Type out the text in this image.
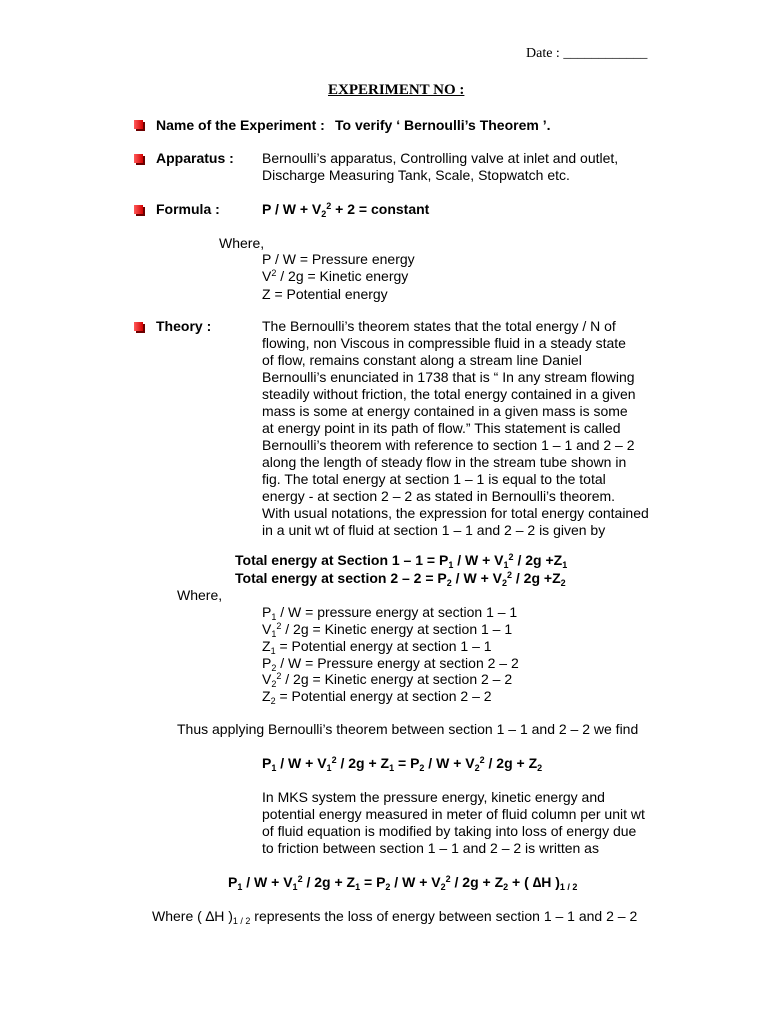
Date : ____________
EXPERIMENT NO :
Name of the Experiment : To verify ‘ Bernoulli’s Theorem ’.
Apparatus : Bernoulli’s apparatus, Controlling valve at inlet and outlet,
Discharge Measuring Tank, Scale, Stopwatch etc.
Formula :	$P / W + V_2^2 + 2$ = constant
Where,
P / W = Pressure energy
$V^2 / 2g$ = Kinetic energy
Z = Potential energy
Theory :	The Bernoulli’s theorem states that the total energy / N of
flowing, non Viscous in compressible fluid in a steady state
of flow, remains constant along a stream line Daniel
Bernoulli’s enunciated in 1738 that is “ In any stream flowing
steadily without friction, the total energy contained in a given
mass is some at energy contained in a given mass is some
at energy point in its path of flow.” This statement is called
Bernoulli’s theorem with reference to section 1 – 1 and 2 – 2
along the length of steady flow in the stream tube shown in
fig. The total energy at section 1 – 1 is equal to the total
energy - at section 2 – 2 as stated in Bernoulli’s theorem.
With usual notations, the expression for total energy contained
in a unit wt of fluid at section 1 – 1 and 2 – 2 is given by
Total energy at Section $1 - 1 = P_1 / W + V_1^2 / 2g +Z_1$
Total energy at section $2 - 2 = P_2 / W + V_2^2 / 2g +Z_2$
Where,
$P_1$ / W = pressure energy at section 1 – 1
$V_1^2 / 2g$ = Kinetic energy at section 1 – 1
$Z_1$ = Potential energy at section 1 – 1
$P_2$ / W = Pressure energy at section 2 – 2
$V_2^2 / 2g$ = Kinetic energy at section 2 – 2
$Z_2$ = Potential energy at section 2 – 2
Thus applying Bernoulli’s theorem between section 1 – 1 and 2 – 2 we find
$P_1 / W + V_1^2 / 2g + Z_1 = P_2 / W + V_2^2 / 2g + Z_2$
In MKS system the pressure energy, kinetic energy and
potential energy measured in meter of fluid column per unit wt
of fluid equation is modified by taking into loss of energy due
to friction between section 1 – 1 and 2 – 2 is written as
$P_1 / W + V_1^2 / 2g + Z_1 = P_2 / W + V_2^2 / 2g + Z_2$ + ( ∆H )$_{1 / 2}$
Where ( ∆H )$_{1 / 2}$ represents the loss of energy between section 1 – 1 and 2 – 2
